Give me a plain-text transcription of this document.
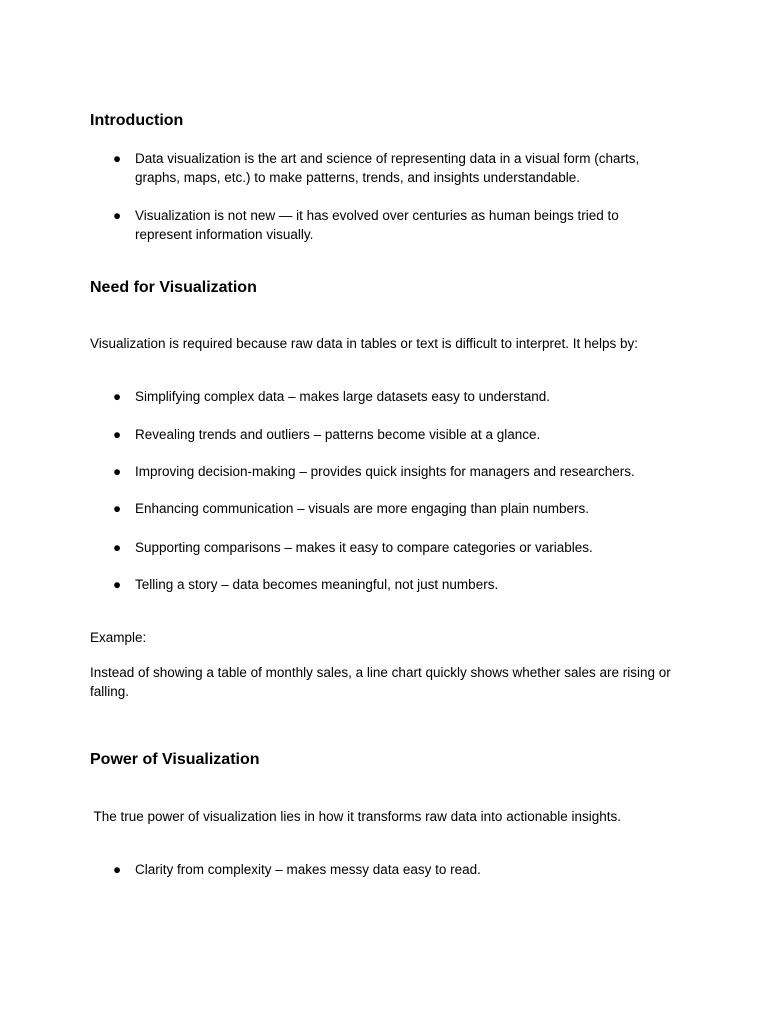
Introduction
● Data visualization is the art and science of representing data in a visual form (charts, graphs, maps, etc.) to make patterns, trends, and insights understandable.
● Visualization is not new — it has evolved over centuries as human beings tried to represent information visually.
Need for Visualization

Visualization is required because raw data in tables or text is difficult to interpret. It helps by:

● Simplifying complex data – makes large datasets easy to understand.
● Revealing trends and outliers – patterns become visible at a glance.
● Improving decision-making – provides quick insights for managers and researchers.
● Enhancing communication – visuals are more engaging than plain numbers.
● Supporting comparisons – makes it easy to compare categories or variables.
● Telling a story – data becomes meaningful, not just numbers.

Example:

Instead of showing a table of monthly sales, a line chart quickly shows whether sales are rising or falling.

Power of Visualization

The true power of visualization lies in how it transforms raw data into actionable insights.

● Clarity from complexity – makes messy data easy to read.
